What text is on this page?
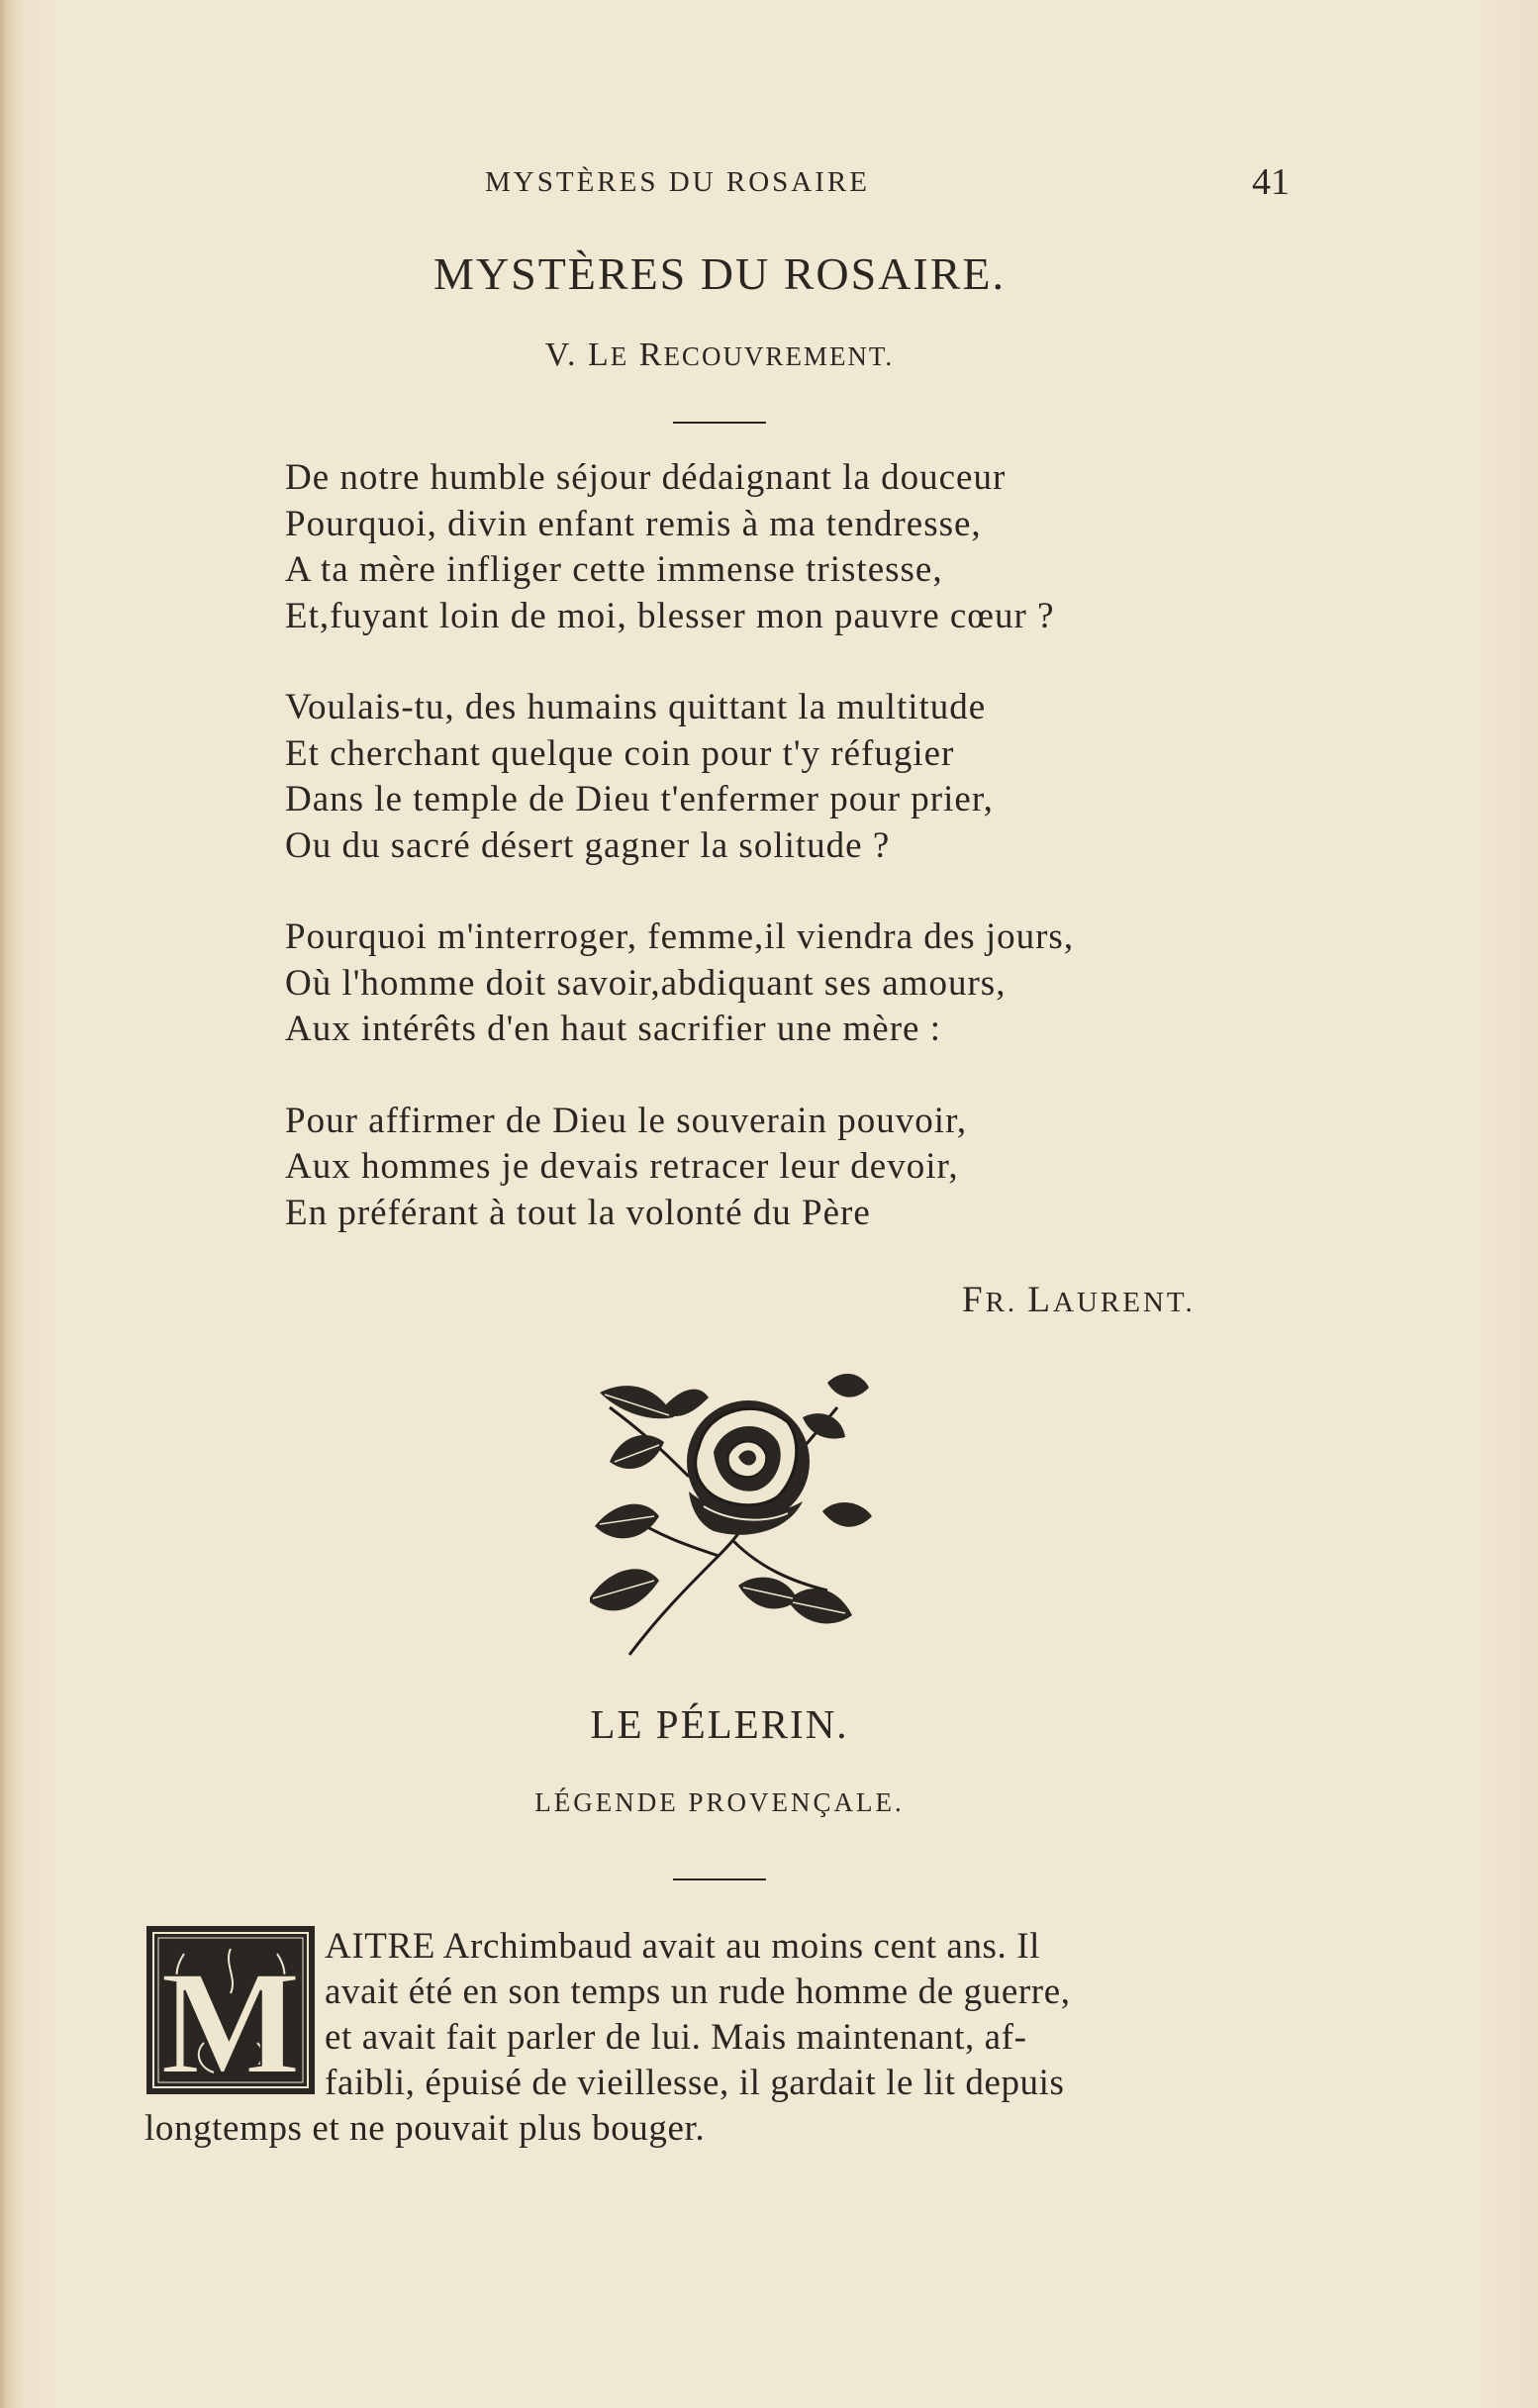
MYSTÈRES DU ROSAIRE	41
MYSTÈRES DU ROSAIRE.
V. LE RECOUVREMENT.
De notre humble séjour dédaignant la douceur
Pourquoi, divin enfant remis à ma tendresse,
A ta mère infliger cette immense tristesse,
Et,fuyant loin de moi, blesser mon pauvre cœur ?
Voulais-tu, des humains quittant la multitude
Et cherchant quelque coin pour t'y réfugier
Dans le temple de Dieu t'enfermer pour prier,
Ou du sacré désert gagner la solitude ?
Pourquoi m'interroger, femme,il viendra des jours,
Où l'homme doit savoir,abdiquant ses amours,
Aux intérêts d'en haut sacrifier une mère :
Pour affirmer de Dieu le souverain pouvoir,
Aux hommes je devais retracer leur devoir,
En préférant à tout la volonté du Père
FR. LAURENT.
LE PÉLERIN.
LÉGENDE PROVENÇALE.
M AITRE Archimbaud avait au moins cent ans. Il
avait été en son temps un rude homme de guerre,
et avait fait parler de lui. Mais maintenant, af-
faibli, épuisé de vieillesse, il gardait le lit depuis
longtemps et ne pouvait plus bouger.
